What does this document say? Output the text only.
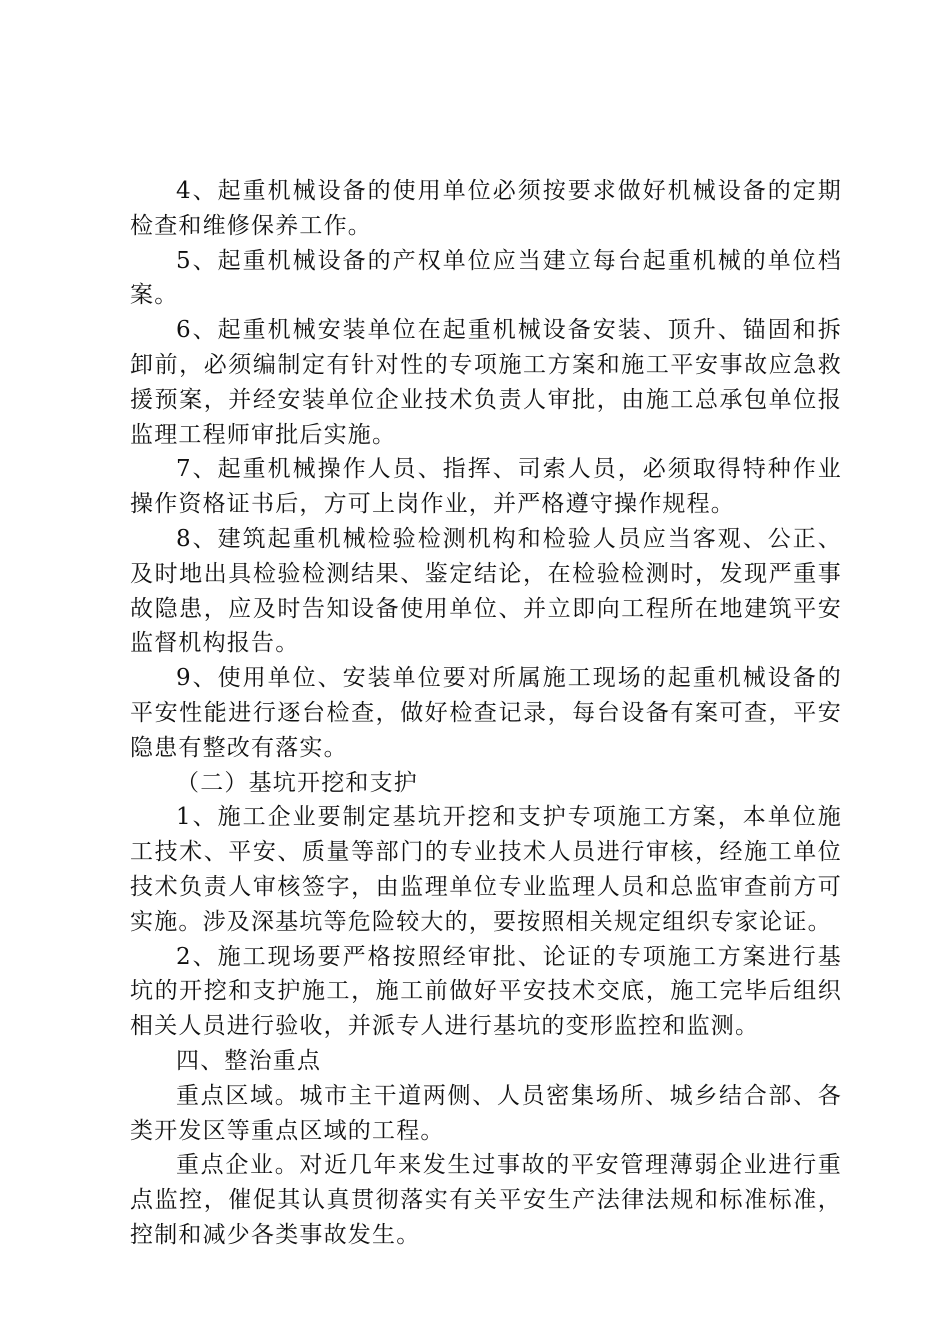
4、起重机械设备的使用单位必须按要求做好机械设备的定期检查和维修保养工作。

5、起重机械设备的产权单位应当建立每台起重机械的单位档案。

6、起重机械安装单位在起重机械设备安装、顶升、锚固和拆卸前，必须编制定有针对性的专项施工方案和施工平安事故应急救援预案，并经安装单位企业技术负责人审批，由施工总承包单位报监理工程师审批后实施。

7、起重机械操作人员、指挥、司索人员，必须取得特种作业操作资格证书后，方可上岗作业，并严格遵守操作规程。

8、建筑起重机械检验检测机构和检验人员应当客观、公正、及时地出具检验检测结果、鉴定结论，在检验检测时，发现严重事故隐患，应及时告知设备使用单位、并立即向工程所在地建筑平安监督机构报告。

9、使用单位、安装单位要对所属施工现场的起重机械设备的平安性能进行逐台检查，做好检查记录，每台设备有案可查，平安隐患有整改有落实。

（二）基坑开挖和支护

1、施工企业要制定基坑开挖和支护专项施工方案，本单位施工技术、平安、质量等部门的专业技术人员进行审核，经施工单位技术负责人审核签字，由监理单位专业监理人员和总监审查前方可实施。涉及深基坑等危险较大的，要按照相关规定组织专家论证。

2、施工现场要严格按照经审批、论证的专项施工方案进行基坑的开挖和支护施工，施工前做好平安技术交底，施工完毕后组织相关人员进行验收，并派专人进行基坑的变形监控和监测。

四、整治重点

重点区域。城市主干道两侧、人员密集场所、城乡结合部、各类开发区等重点区域的工程。

重点企业。对近几年来发生过事故的平安管理薄弱企业进行重点监控，催促其认真贯彻落实有关平安生产法律法规和标准标准，控制和减少各类事故发生。
